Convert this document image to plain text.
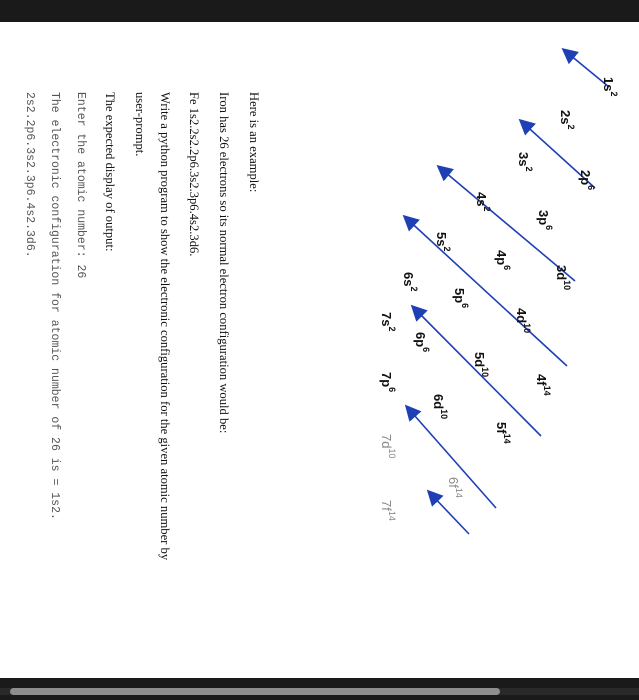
$1s^2$
$2s^2$
$2p^6$
$3s^2$
$3p^6$
$3d^{10}$
$4s^2$
$4p^6$
$4d^{10}$
$4f^{14}$
$5s^2$
$5p^6$
$5d^{10}$
$5f^{14}$
$6s^2$
$6p^6$
$6d^{10}$
$6f^{14}$
$7s^2$
$7p^6$
$7d^{10}$
$7f^{14}$
Here is an example:
Iron has 26 electrons so its normal electron configuration would be:
Fe 1s2.2s2.2p6.3s2.3p6.4s2.3d6.
Write a python program to show the electronic configuration for the given atomic number by
user-prompt.
The expected display of output:
Enter the atomic number: 26
The electronic configuration for atomic number of 26 is = 1s2.
2s2.2p6.3s2.3p6.4s2.3d6.
